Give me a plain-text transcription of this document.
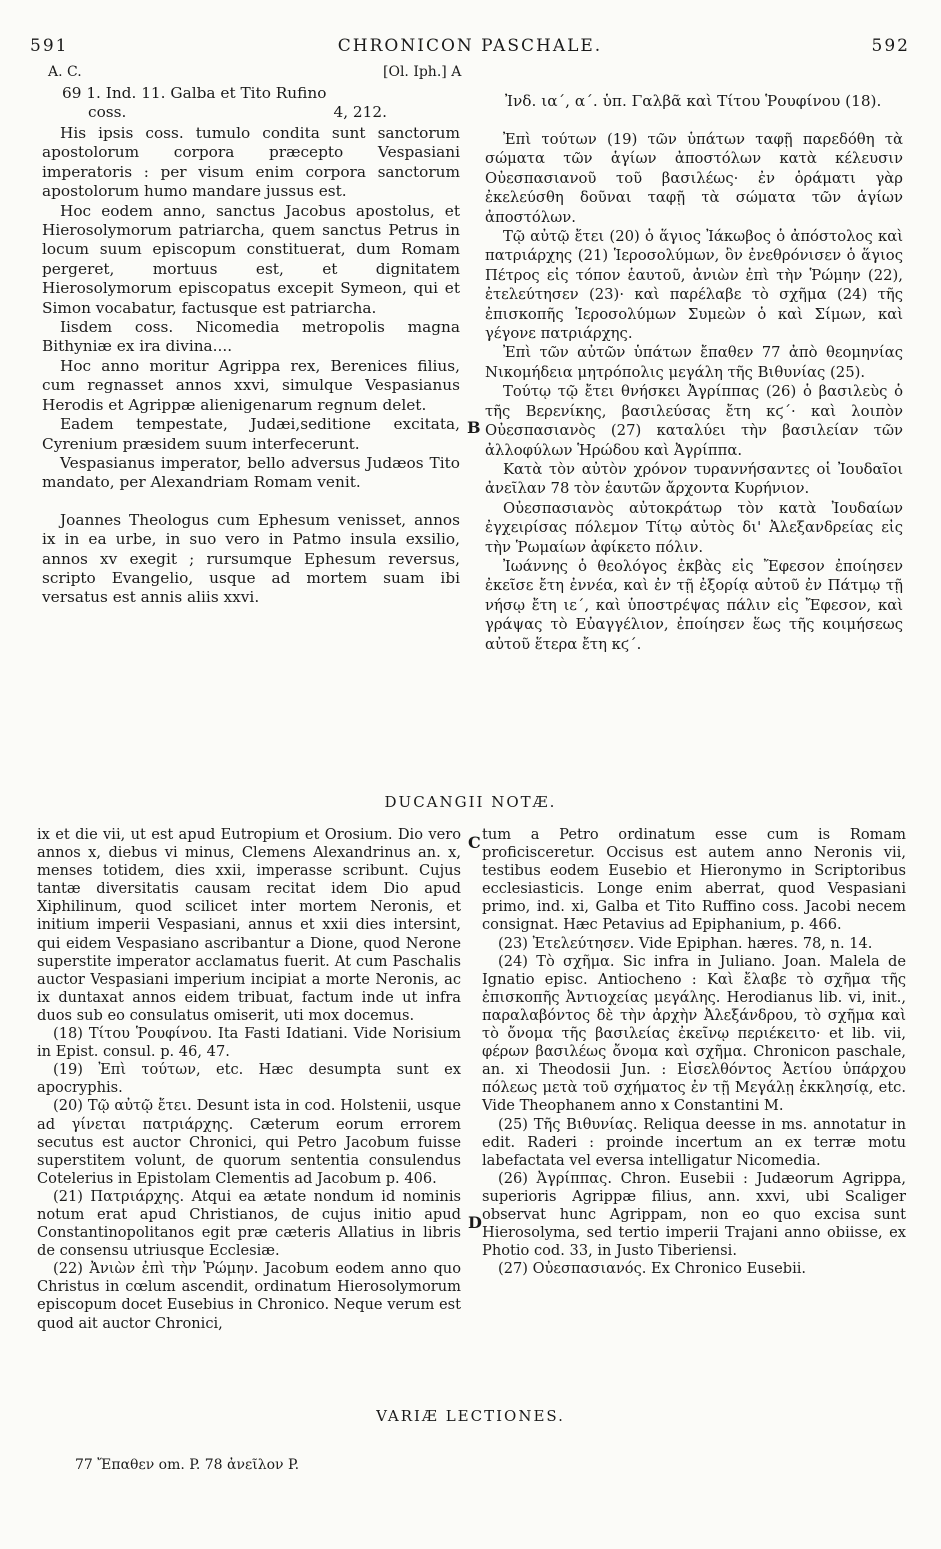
591	CHRONICON PASCHALE.	592
A. C.	[Ol. Iph.] A
69 1. Ind. 11. Galba et Tito Rufino
coss.	4, 212.
Ἰνδ. ια΄, α΄. ὑπ. Γαλβᾶ καὶ Τίτου Ῥουφίνου (18).

His ipsis coss. tumulo condita sunt sanctorum apostolorum corpora præcepto Vespasiani imperatoris : per visum enim corpora sanctorum apostolorum humo mandare jussus est.

Hoc eodem anno, sanctus Jacobus apostolus, et Hierosolymorum patriarcha, quem sanctus Petrus in locum suum episcopum constituerat, dum Romam pergeret, mortuus est, et dignitatem Hierosolymorum episcopatus excepit Symeon, qui et Simon vocabatur, factusque est patriarcha.

Iisdem coss. Nicomedia metropolis magna Bithyniæ ex ira divina....

Hoc anno moritur Agrippa rex, Berenices filius, cum regnasset annos xxvi, simulque Vespasianus Herodis et Agrippæ alienigenarum regnum delet.

Eadem tempestate, Judæi,seditione excitata, Cyrenium præsidem suum interfecerunt.

Vespasianus imperator, bello adversus Judæos Tito mandato, per Alexandriam Romam venit.

Joannes Theologus cum Ephesum venisset, annos ix in ea urbe, in suo vero in Patmo insula exsilio, annos xv exegit ; rursumque Ephesum reversus, scripto Evangelio, usque ad mortem suam ibi versatus est annis aliis xxvi.

Ἐπὶ τούτων (19) τῶν ὑπάτων ταφῇ παρεδόθη τὰ σώματα τῶν ἁγίων ἀποστόλων κατὰ κέλευσιν Οὐεσπασιανοῦ τοῦ βασιλέως· ἐν ὁράματι γὰρ ἐκελεύσθη δοῦναι ταφῇ τὰ σώματα τῶν ἁγίων ἀποστόλων.

Τῷ αὐτῷ ἔτει (20) ὁ ἅγιος Ἰάκωβος ὁ ἀπόστολος καὶ πατριάρχης (21) Ἱεροσολύμων, ὃν ἐνεθρόνισεν ὁ ἅγιος Πέτρος εἰς τόπον ἑαυτοῦ, ἀνιὼν ἐπὶ τὴν Ῥώμην (22), ἐτελεύτησεν (23)· καὶ παρέλαβε τὸ σχῆμα (24) τῆς ἐπισκοπῆς Ἱεροσολύμων Συμεὼν ὁ καὶ Σίμων, καὶ γέγονε πατριάρχης.

Ἐπὶ τῶν αὐτῶν ὑπάτων ἔπαθεν 77 ἀπὸ θεομηνίας Νικομήδεια μητρόπολις μεγάλη τῆς Βιθυνίας (25).

Τούτῳ τῷ ἔτει θνήσκει Ἀγρίππας (26) ὁ βασιλεὺς ὁ τῆς Βερενίκης, βασιλεύσας ἔτη κϛ΄· καὶ λοιπὸν Οὐεσπασιανὸς (27) καταλύει τὴν βασιλείαν τῶν ἀλλοφύλων Ἡρώδου καὶ Ἀγρίππα.

Κατὰ τὸν αὐτὸν χρόνον τυραννήσαντες οἱ Ἰουδαῖοι ἀνεῖλαν 78 τὸν ἑαυτῶν ἄρχοντα Κυρήνιον.

Οὐεσπασιανὸς αὐτοκράτωρ τὸν κατὰ Ἰουδαίων ἐγχειρίσας πόλεμον Τίτῳ αὐτὸς δι' Ἀλεξανδρείας εἰς τὴν Ῥωμαίων ἀφίκετο πόλιν.

Ἰωάννης ὁ θεολόγος ἐκβὰς εἰς Ἔφεσον ἐποίησεν ἐκεῖσε ἔτη ἐννέα, καὶ ἐν τῇ ἐξορίᾳ αὐτοῦ ἐν Πάτμῳ τῇ νήσῳ ἔτη ιε΄, καὶ ὑποστρέψας πάλιν εἰς Ἔφεσον, καὶ γράψας τὸ Εὐαγγέλιον, ἐποίησεν ἕως τῆς κοιμήσεως αὐτοῦ ἕτερα ἔτη κϛ΄.

B
C
D
DUCANGII NOTÆ.

ix et die vii, ut est apud Eutropium et Orosium. Dio vero annos x, diebus vi minus, Clemens Alexandrinus an. x, menses totidem, dies xxii, imperasse scribunt. Cujus tantæ diversitatis causam recitat idem Dio apud Xiphilinum, quod scilicet inter mortem Neronis, et initium imperii Vespasiani, annus et xxii dies intersint, qui eidem Vespasiano ascribantur a Dione, quod Nerone superstite imperator acclamatus fuerit. At cum Paschalis auctor Vespasiani imperium incipiat a morte Neronis, ac ix duntaxat annos eidem tribuat, factum inde ut infra duos sub eo consulatus omiserit, uti mox docemus.

(18) Τίτου Ῥουφίνου. Ita Fasti Idatiani. Vide Norisium in Epist. consul. p. 46, 47.

(19) Ἐπὶ τούτων, etc. Hæc desumpta sunt ex apocryphis.

(20) Τῷ αὐτῷ ἔτει. Desunt ista in cod. Holstenii, usque ad γίνεται πατριάρχης. Cæterum eorum errorem secutus est auctor Chronici, qui Petro Jacobum fuisse superstitem volunt, de quorum sententia consulendus Cotelerius in Epistolam Clementis ad Jacobum p. 406.

(21) Πατριάρχης. Atqui ea ætate nondum id nominis notum erat apud Christianos, de cujus initio apud Constantinopolitanos egit præ cæteris Allatius in libris de consensu utriusque Ecclesiæ.

(22) Ἀνιὼν ἐπὶ τὴν Ῥώμην. Jacobum eodem anno quo Christus in cœlum ascendit, ordinatum Hierosolymorum episcopum docet Eusebius in Chronico. Neque verum est quod ait auctor Chronici,

tum a Petro ordinatum esse cum is Romam proficisceretur. Occisus est autem anno Neronis vii, testibus eodem Eusebio et Hieronymo in Scriptoribus ecclesiasticis. Longe enim aberrat, quod Vespasiani primo, ind. xi, Galba et Tito Ruffino coss. Jacobi necem consignat. Hæc Petavius ad Epiphanium, p. 466.

(23) Ἐτελεύτησεν. Vide Epiphan. hæres. 78, n. 14.

(24) Τὸ σχῆμα. Sic infra in Juliano. Joan. Malela de Ignatio episc. Antiocheno : Καὶ ἔλαβε τὸ σχῆμα τῆς ἐπισκοπῆς Ἀντιοχείας μεγάλης. Herodianus lib. vi, init., παραλαβόντος δὲ τὴν ἀρχὴν Ἀλεξάνδρου, τὸ σχῆμα καὶ τὸ ὄνομα τῆς βασιλείας ἐκεῖνῳ περιέκειτο· et lib. vii, φέρων βασιλέως ὄνομα καὶ σχῆμα. Chronicon paschale, an. xi Theodosii Jun. : Εἰσελθόντος Ἀετίου ὑπάρχου πόλεως μετὰ τοῦ σχήματος ἐν τῇ Μεγάλῃ ἐκκλησίᾳ, etc. Vide Theophanem anno x Constantini M.

(25) Τῆς Βιθυνίας. Reliqua deesse in ms. annotatur in edit. Raderi : proinde incertum an ex terræ motu labefactata vel eversa intelligatur Nicomedia.

(26) Ἀγρίππας. Chron. Eusebii : Judæorum Agrippa, superioris Agrippæ filius, ann. xxvi, ubi Scaliger observat hunc Agrippam, non eo quo excisa sunt Hierosolyma, sed tertio imperii Trajani anno obiisse, ex Photio cod. 33, in Justo Tiberiensi.

(27) Οὐεσπασιανός. Ex Chronico Eusebii.

VARIÆ LECTIONES.
77 Ἔπαθεν om. P. 78 ἀνεῖλον P.
